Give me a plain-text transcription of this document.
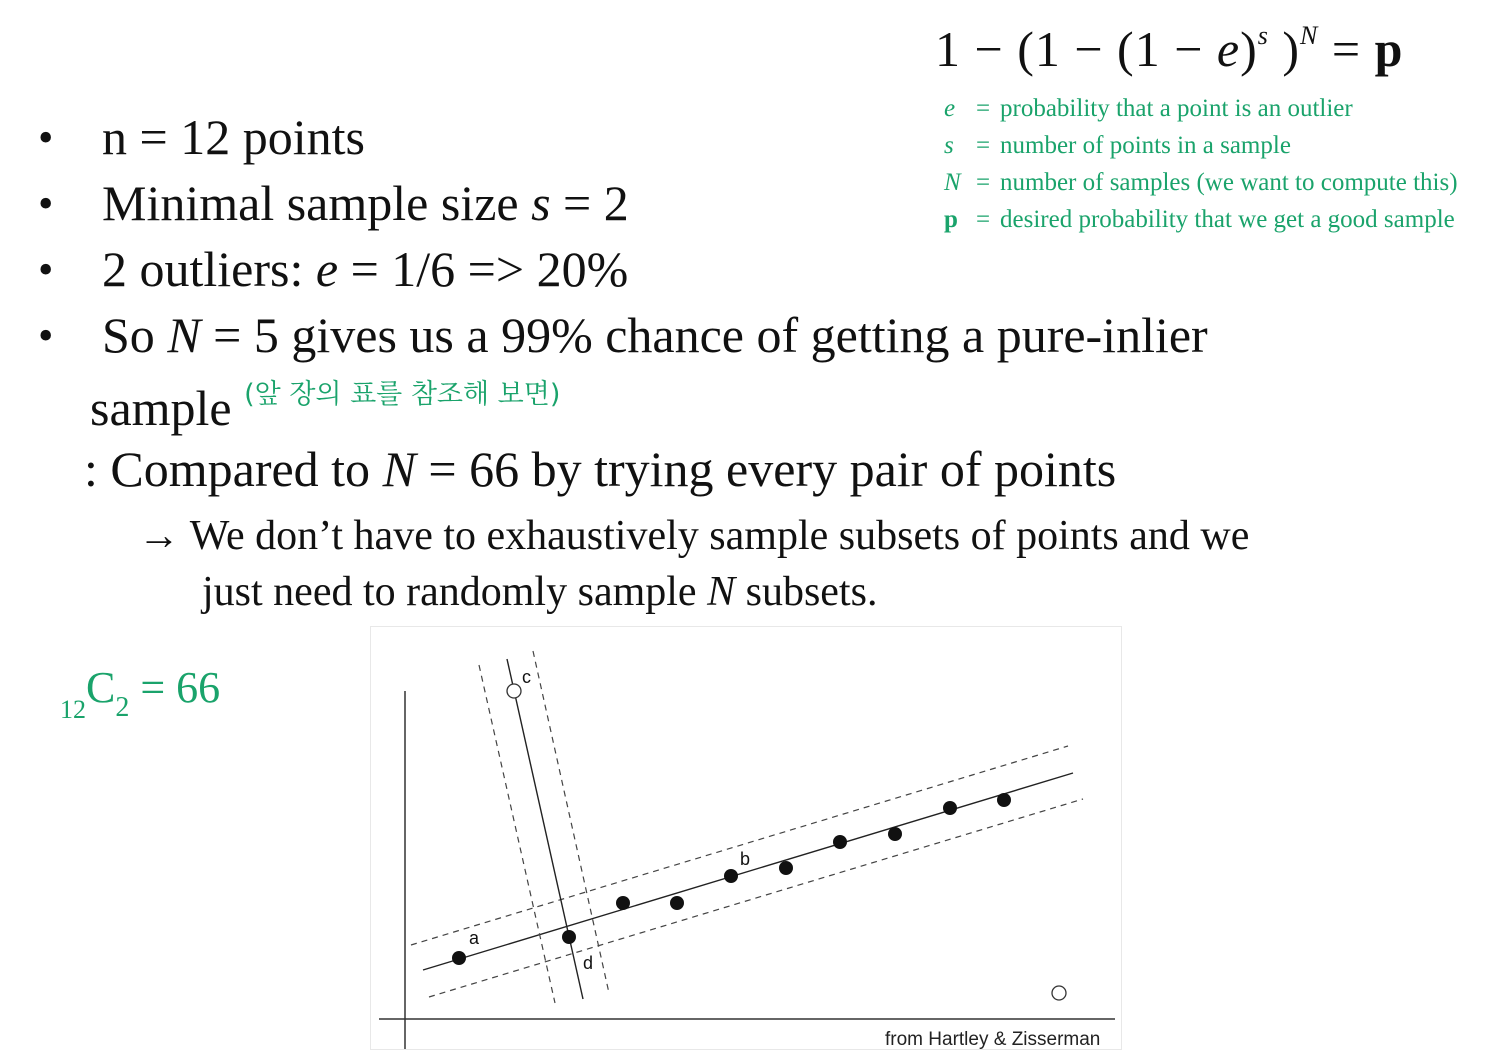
$1 - (1 - (1 - e)^s$ )$^N$ = p
e = probability that a point is an outlier
s = number of points in a sample
N = number of samples (we want to compute this)
p = desired probability that we get a good sample
• n = 12 points
• Minimal sample size s = 2
• 2 outliers: e = 1/6 => 20%
• So N = 5 gives us a 99% chance of getting a pure-inlier
sample $^{(앞 장의 표를 참조해 보면)}$
: Compared to N = 66 by trying every pair of points
→ We don’t have to exhaustively sample subsets of points and we
just need to randomly sample N subsets.
$_{12}C_2 = 66$
a
b
c
d
from Hartley & Zisserman
